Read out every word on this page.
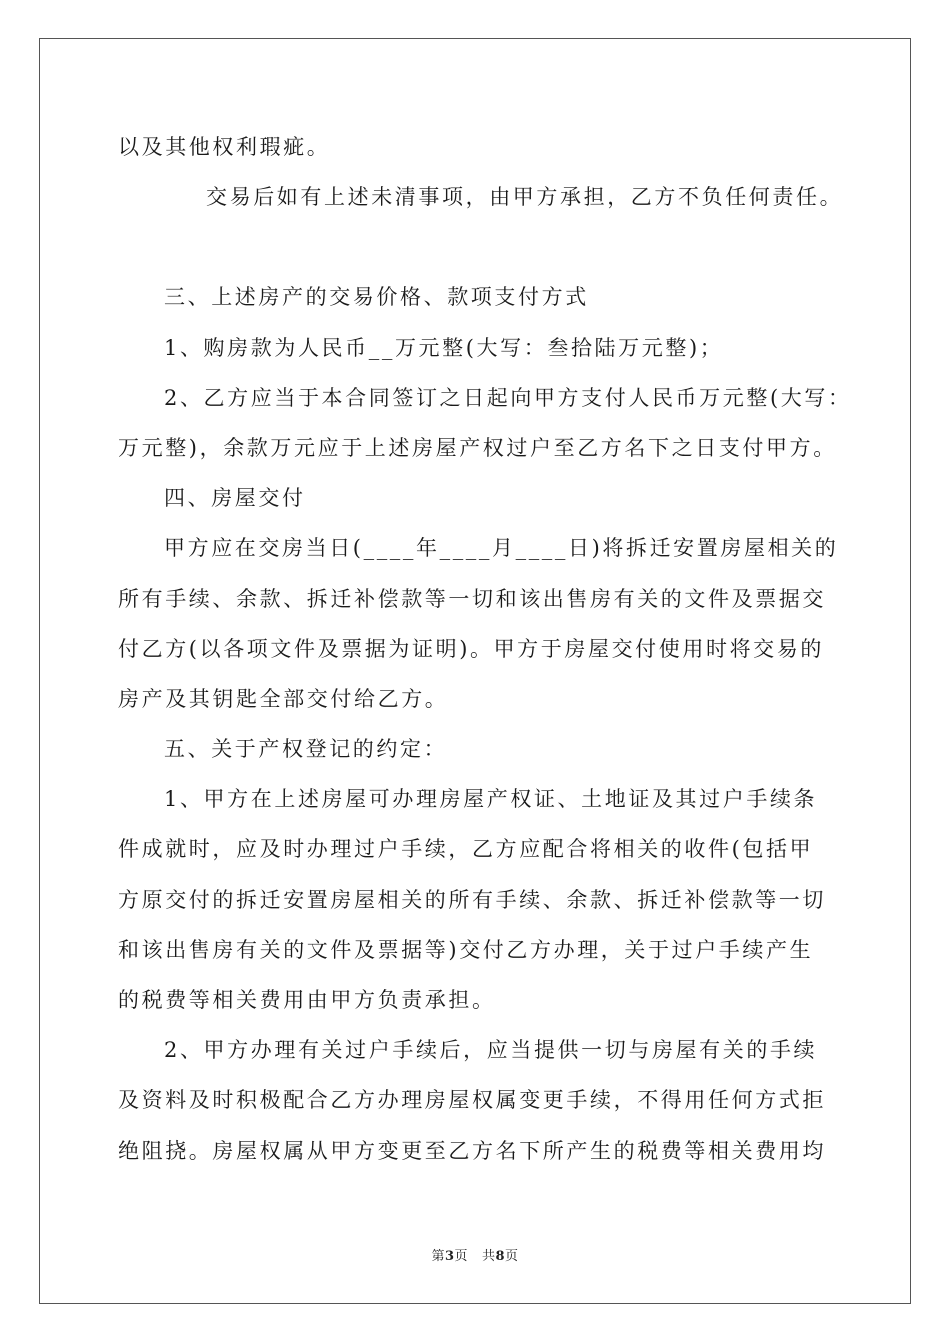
以及其他权利瑕疵。
交易后如有上述未清事项，由甲方承担，乙方不负任何责任。
三、上述房产的交易价格、款项支付方式
1、购房款为人民币__万元整(大写：叁拾陆万元整)；
2、乙方应当于本合同签订之日起向甲方支付人民币万元整(大写：
万元整)，余款万元应于上述房屋产权过户至乙方名下之日支付甲方。
四、房屋交付
甲方应在交房当日(____年____月____日)将拆迁安置房屋相关的
所有手续、余款、拆迁补偿款等一切和该出售房有关的文件及票据交
付乙方(以各项文件及票据为证明)。甲方于房屋交付使用时将交易的
房产及其钥匙全部交付给乙方。
五、关于产权登记的约定：
1、甲方在上述房屋可办理房屋产权证、土地证及其过户手续条
件成就时，应及时办理过户手续，乙方应配合将相关的收件(包括甲
方原交付的拆迁安置房屋相关的所有手续、余款、拆迁补偿款等一切
和该出售房有关的文件及票据等)交付乙方办理，关于过户手续产生
的税费等相关费用由甲方负责承担。
2、甲方办理有关过户手续后，应当提供一切与房屋有关的手续
及资料及时积极配合乙方办理房屋权属变更手续，不得用任何方式拒
绝阻挠。房屋权属从甲方变更至乙方名下所产生的税费等相关费用均
第3页 共8页
